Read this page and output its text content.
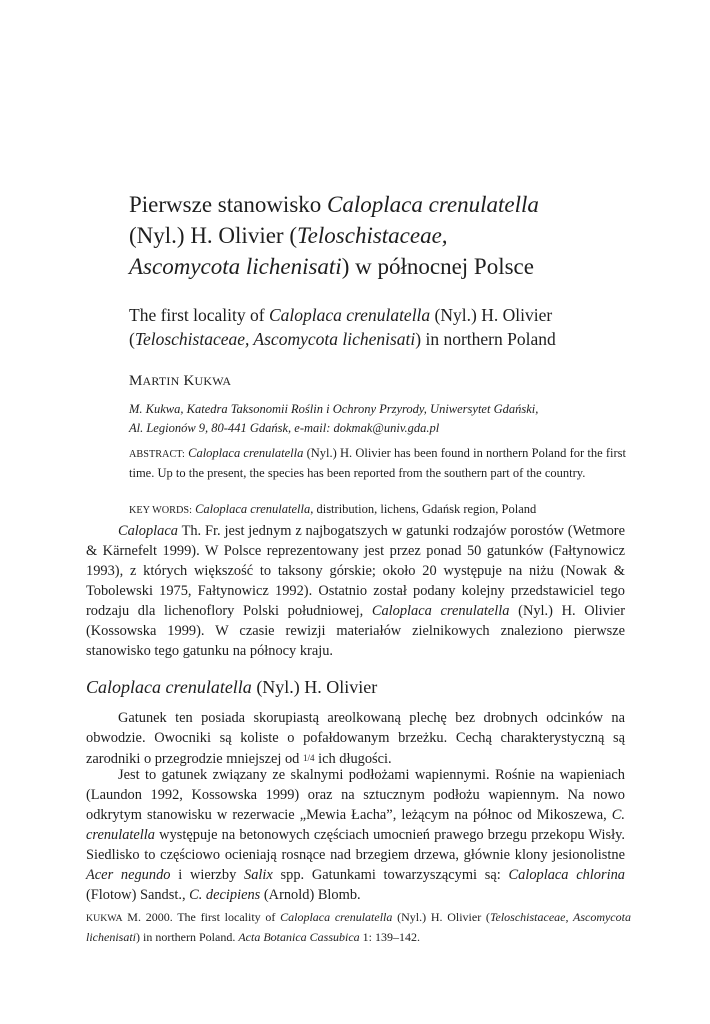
Pierwsze stanowisko Caloplaca crenulatella
(Nyl.) H. Olivier (Teloschistaceae,
Ascomycota lichenisati) w północnej Polsce
The first locality of Caloplaca crenulatella (Nyl.) H. Olivier
(Teloschistaceae, Ascomycota lichenisati) in northern Poland
MARTIN KUKWA
M. Kukwa, Katedra Taksonomii Roślin i Ochrony Przyrody, Uniwersytet Gdański,
Al. Legionów 9, 80-441 Gdańsk, e-mail: dokmak@univ.gda.pl
ABSTRACT: Caloplaca crenulatella (Nyl.) H. Olivier has been found in northern Poland for the first time. Up to the present, the species has been reported from the southern part of the country.
KEY WORDS: Caloplaca crenulatella, distribution, lichens, Gdańsk region, Poland

Caloplaca Th. Fr. jest jednym z najbogatszych w gatunki rodzajów porostów (Wetmore & Kärnefelt 1999). W Polsce reprezentowany jest przez ponad 50 gatunków (Fałtynowicz 1993), z których większość to taksony górskie; około 20 występuje na niżu (Nowak & Tobolewski 1975, Fałtynowicz 1992). Ostatnio został podany kolejny przedstawiciel tego rodzaju dla lichenoflory Polski południowej, Caloplaca crenulatella (Nyl.) H. Olivier (Kossowska 1999). W czasie rewizji materiałów zielnikowych znaleziono pierwsze stanowisko tego gatunku na północy kraju.

Caloplaca crenulatella (Nyl.) H. Olivier

Gatunek ten posiada skorupiastą areolkowaną plechę bez drobnych odcinków na obwodzie. Owocniki są koliste o pofałdowanym brzeżku. Cechą charakterystyczną są zarodniki o przegrodzie mniejszej od 1/4 ich długości.

Jest to gatunek związany ze skalnymi podłożami wapiennymi. Rośnie na wapieniach (Laundon 1992, Kossowska 1999) oraz na sztucznym podłożu wapiennym. Na nowo odkrytym stanowisku w rezerwacie „Mewia Łacha”, leżącym na północ od Mikoszewa, C. crenulatella występuje na betonowych częściach umocnień prawego brzegu przekopu Wisły. Siedlisko to częściowo ocieniają rosnące nad brzegiem drzewa, głównie klony jesionolistne Acer negundo i wierzby Salix spp. Gatunkami towarzyszącymi są: Caloplaca chlorina (Flotow) Sandst., C. decipiens (Arnold) Blomb.

KUKWA M. 2000. The first locality of Caloplaca crenulatella (Nyl.) H. Olivier (Teloschistaceae, Ascomycota lichenisati) in northern Poland. Acta Botanica Cassubica 1: 139–142.
